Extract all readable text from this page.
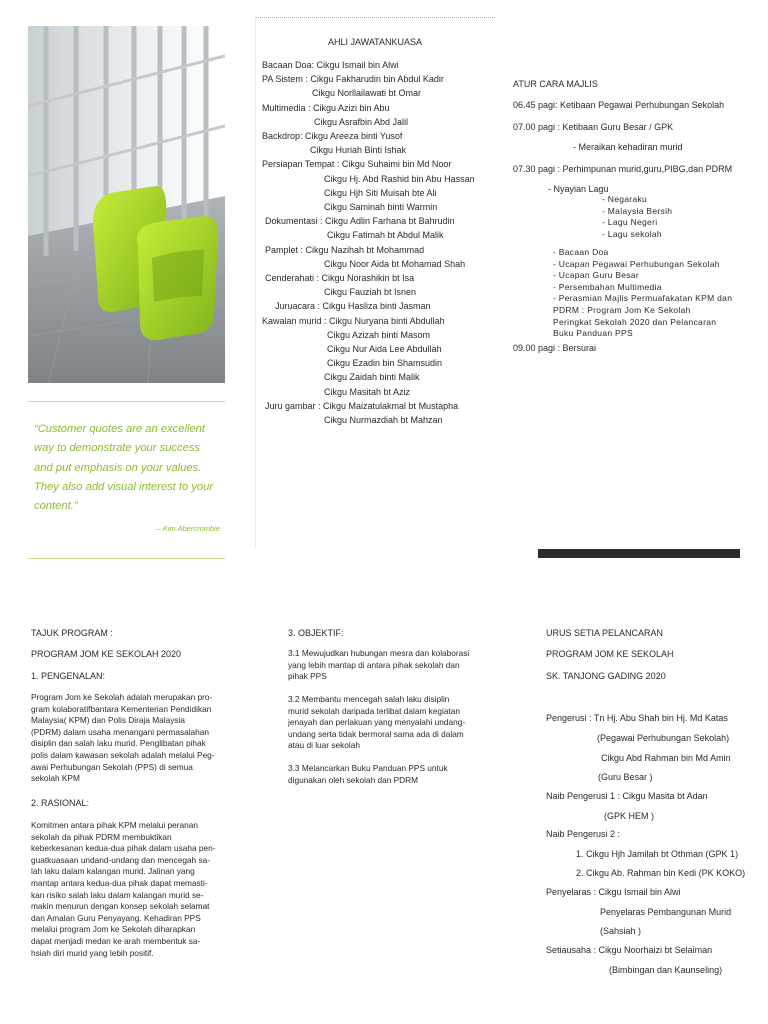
“Customer quotes are an excellent way to demonstrate your success and put emphasis on your values. They also add visual interest to your content.”
– Kim Abercrombie
AHLI JAWATANKUASA
Bacaan Doa: Cikgu Ismail bin Alwi
PA Sistem : Cikgu Fakharudin bin Abdul Kadir
Cikgu Norllailawati bt Omar
Multimedia : Cikgu Azizi bin Abu
Cikgu Asrafbin Abd Jalil
Backdrop: Cikgu Areeza binti Yusof
Cikgu Huriah Binti Ishak
Persiapan Tempat : Cikgu Suhaimi bin Md Noor
Cikgu Hj. Abd Rashid bin Abu Hassan
Cikgu Hjh Siti Muisah bte Ali
Cikgu Saminah binti Warmin
Dokumentasi : Cikgu Adlin Farhana bt Bahrudin
Cikgu Fatimah bt Abdul Malik
Pamplet : Cikgu Nazihah bt Mohammad
Cikgu Noor Aida bt Mohamad Shah
Cenderahati : Cikgu Norashikin bt Isa
Cikgu Fauziah bt Isnen
Juruacara : Cikgu Hasliza binti Jasman
Kawalan murid : Cikgu Nuryana binti Abdullah
Cikgu Azizah binti Masom
Cikgu Nur Aida Lee Abdullah
Cikgu Ezadin bin Shamsudin
Cikgu Zaidah binti Malik
Cikgu Masitah bt Aziz
Juru gambar : Cikgu Maizatulakmal bt Mustapha
Cikgu Nurmazdiah bt Mahzan
ATUR CARA MAJLIS
06.45 pagi: Ketibaan Pegawai Perhubungan Sekolah
07.00 pagi : Ketibaan Guru Besar / GPK
- Meraikan kehadiran murid
07.30 pagi : Perhimpunan murid,guru,PIBG,dan PDRM
- Nyayian Lagu
- Negaraku
- Malaysia Bersih
- Lagu Negeri
- Lagu sekolah
- Bacaan Doa
- Ucapan Pegawai Perhubungan Sekolah
- Ucapan Guru Besar
- Persembahan Multimedia
- Perasmian Majlis Permuafakatan KPM dan
PDRM : Program Jom Ke Sekolah
Peringkat Sekolah 2020 dan Pelancaran
Buku Panduan PPS
09.00 pagi : Bersurai
TAJUK PROGRAM :
PROGRAM JOM KE SEKOLAH 2020
1. PENGENALAN:
Program Jom ke Sekolah adalah merupakan pro-
gram kolaboratifbantara Kementerian Pendidikan
Malaysia( KPM) dan Polis Diraja Malaysia
(PDRM) dalam usaha menangani permasalahan
disiplin dan salah laku murid. Penglibatan pihak
polis dalam kawasan sekolah adalah melalui Peg-
awai Perhubungan Sekolah (PPS) di semua
sekolah KPM
2. RASIONAL:
Komitmen antara pihak KPM melalui peranan
sekolah da pihak PDRM membuktikan
keberkesanan kedua-dua pihak dalam usaha pen-
guatkuasaan undand-undang dan mencegah sa-
lah laku dalam kalangan murid. Jalinan yang
mantap antara kedua-dua pihak dapat memasti-
kan risiko salah laku dalam kalangan murid se-
makin menurun dengan konsep sekolah selamat
dan Amalan Guru Penyayang. Kehadiran PPS
melalui program Jom ke Sekolah diharapkan
dapat menjadi medan ke arah membentuk sa-
hsiah diri murid yang lebih positif.
3. OBJEKTIF:
3.1 Mewujudkan hubungan mesra dan kolaborasi
yang lebih mantap di antara pihak sekolah dan
pihak PPS
3.2 Membantu mencegah salah laku disiplin
murid sekolah daripada terlibat dalam kegiatan
jenayah dan perlakuan yang menyalahi undang-
undang serta tidak bermoral sama ada di dalam
atau di luar sekolah
3.3 Melancarkan Buku Panduan PPS untuk
digunakan oleh sekolah dan PDRM
URUS SETIA PELANCARAN
PROGRAM JOM KE SEKOLAH
SK. TANJONG GADING 2020
Pengerusi : Tn Hj. Abu Shah bin Hj. Md Katas
(Pegawai Perhubungan Sekolah)
Cikgu Abd Rahman bin Md Amin
(Guru Besar )
Naib Pengerusi 1 : Cikgu Masita bt Adan
(GPK HEM )
Naib Pengerusi 2 :
1. Cikgu Hjh Jamilah bt Othman (GPK 1)
2. Cikgu Ab. Rahman bin Kedi (PK KOKO)
Penyelaras : Cikgu Ismail bin Alwi
Penyelaras Pembangunan Murid
(Sahsiah )
Setiausaha : Cikgu Noorhaizi bt Selaiman
(Bimbingan dan Kaunseling)
